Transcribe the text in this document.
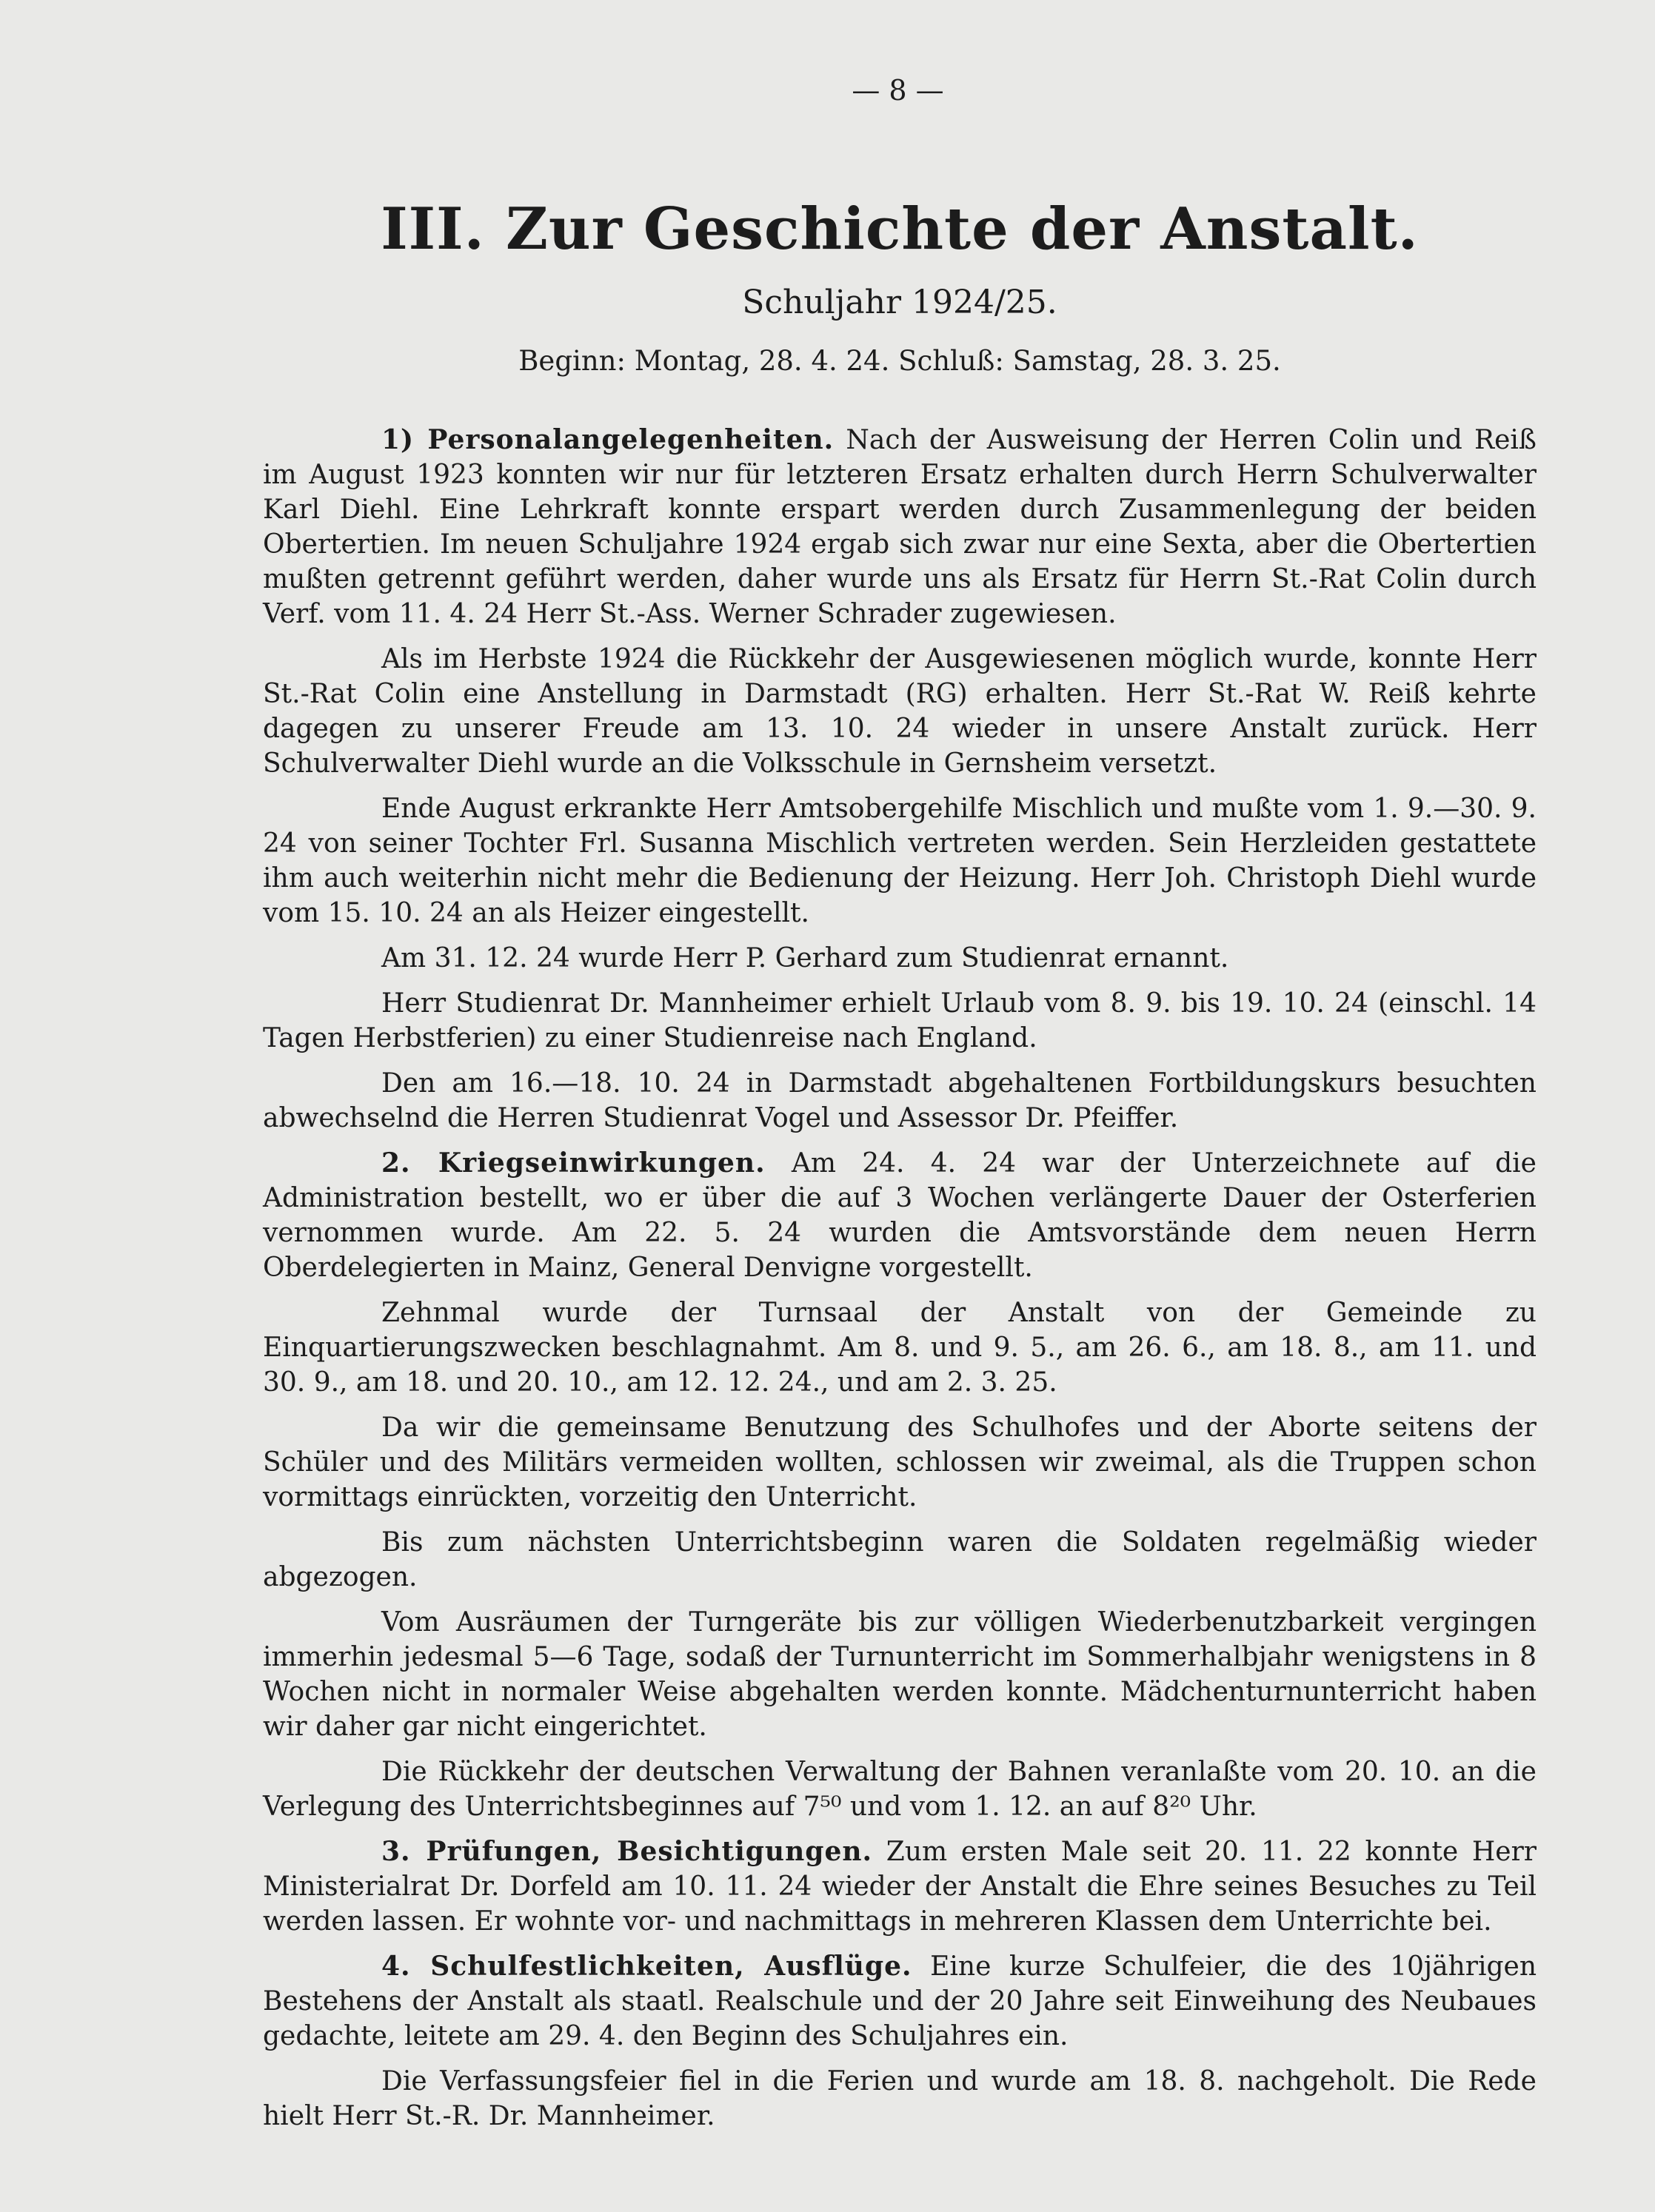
— 8 —
III. Zur Geschichte der Anstalt.
Schuljahr 1924/25.
Beginn: Montag, 28. 4. 24. Schluß: Samstag, 28. 3. 25.

1) Personalangelegenheiten. Nach der Ausweisung der Herren Colin und Reiß im August 1923 konnten wir nur für letzteren Ersatz erhalten durch Herrn Schulverwalter Karl Diehl. Eine Lehrkraft konnte erspart werden durch Zusammenlegung der beiden Obertertien. Im neuen Schuljahre 1924 ergab sich zwar nur eine Sexta, aber die Obertertien mußten getrennt geführt werden, daher wurde uns als Ersatz für Herrn St.-Rat Colin durch Verf. vom 11. 4. 24 Herr St.-Ass. Werner Schrader zugewiesen.

Als im Herbste 1924 die Rückkehr der Ausgewiesenen möglich wurde, konnte Herr St.-Rat Colin eine Anstellung in Darmstadt (RG) erhalten. Herr St.-Rat W. Reiß kehrte dagegen zu unserer Freude am 13. 10. 24 wieder in unsere Anstalt zurück. Herr Schulverwalter Diehl wurde an die Volksschule in Gernsheim versetzt.

Ende August erkrankte Herr Amtsobergehilfe Mischlich und mußte vom 1. 9.—30. 9. 24 von seiner Tochter Frl. Susanna Mischlich vertreten werden. Sein Herzleiden gestattete ihm auch weiterhin nicht mehr die Bedienung der Heizung. Herr Joh. Christoph Diehl wurde vom 15. 10. 24 an als Heizer eingestellt.

Am 31. 12. 24 wurde Herr P. Gerhard zum Studienrat ernannt.

Herr Studienrat Dr. Mannheimer erhielt Urlaub vom 8. 9. bis 19. 10. 24 (einschl. 14 Tagen Herbstferien) zu einer Studienreise nach England.

Den am 16.—18. 10. 24 in Darmstadt abgehaltenen Fortbildungskurs besuchten abwechselnd die Herren Studienrat Vogel und Assessor Dr. Pfeiffer.

2. Kriegseinwirkungen. Am 24. 4. 24 war der Unterzeichnete auf die Administration bestellt, wo er über die auf 3 Wochen verlängerte Dauer der Osterferien vernommen wurde. Am 22. 5. 24 wurden die Amtsvorstände dem neuen Herrn Oberdelegierten in Mainz, General Denvigne vorgestellt.

Zehnmal wurde der Turnsaal der Anstalt von der Gemeinde zu Einquartierungszwecken beschlagnahmt. Am 8. und 9. 5., am 26. 6., am 18. 8., am 11. und 30. 9., am 18. und 20. 10., am 12. 12. 24., und am 2. 3. 25.

Da wir die gemeinsame Benutzung des Schulhofes und der Aborte seitens der Schüler und des Militärs vermeiden wollten, schlossen wir zweimal, als die Truppen schon vormittags einrückten, vorzeitig den Unterricht.

Bis zum nächsten Unterrichtsbeginn waren die Soldaten regelmäßig wieder abgezogen.

Vom Ausräumen der Turngeräte bis zur völligen Wiederbenutzbarkeit vergingen immerhin jedesmal 5—6 Tage, sodaß der Turnunterricht im Sommerhalbjahr wenigstens in 8 Wochen nicht in normaler Weise abgehalten werden konnte. Mädchenturnunterricht haben wir daher gar nicht eingerichtet.

Die Rückkehr der deutschen Verwaltung der Bahnen veranlaßte vom 20. 10. an die Verlegung des Unterrichtsbeginnes auf 7⁵⁰ und vom 1. 12. an auf 8²⁰ Uhr.

3. Prüfungen, Besichtigungen. Zum ersten Male seit 20. 11. 22 konnte Herr Ministerialrat Dr. Dorfeld am 10. 11. 24 wieder der Anstalt die Ehre seines Besuches zu Teil werden lassen. Er wohnte vor- und nachmittags in mehreren Klassen dem Unterrichte bei.

4. Schulfestlichkeiten, Ausflüge. Eine kurze Schulfeier, die des 10jährigen Bestehens der Anstalt als staatl. Realschule und der 20 Jahre seit Einweihung des Neubaues gedachte, leitete am 29. 4. den Beginn des Schuljahres ein.

Die Verfassungsfeier fiel in die Ferien und wurde am 18. 8. nachgeholt. Die Rede hielt Herr St.-R. Dr. Mannheimer.
